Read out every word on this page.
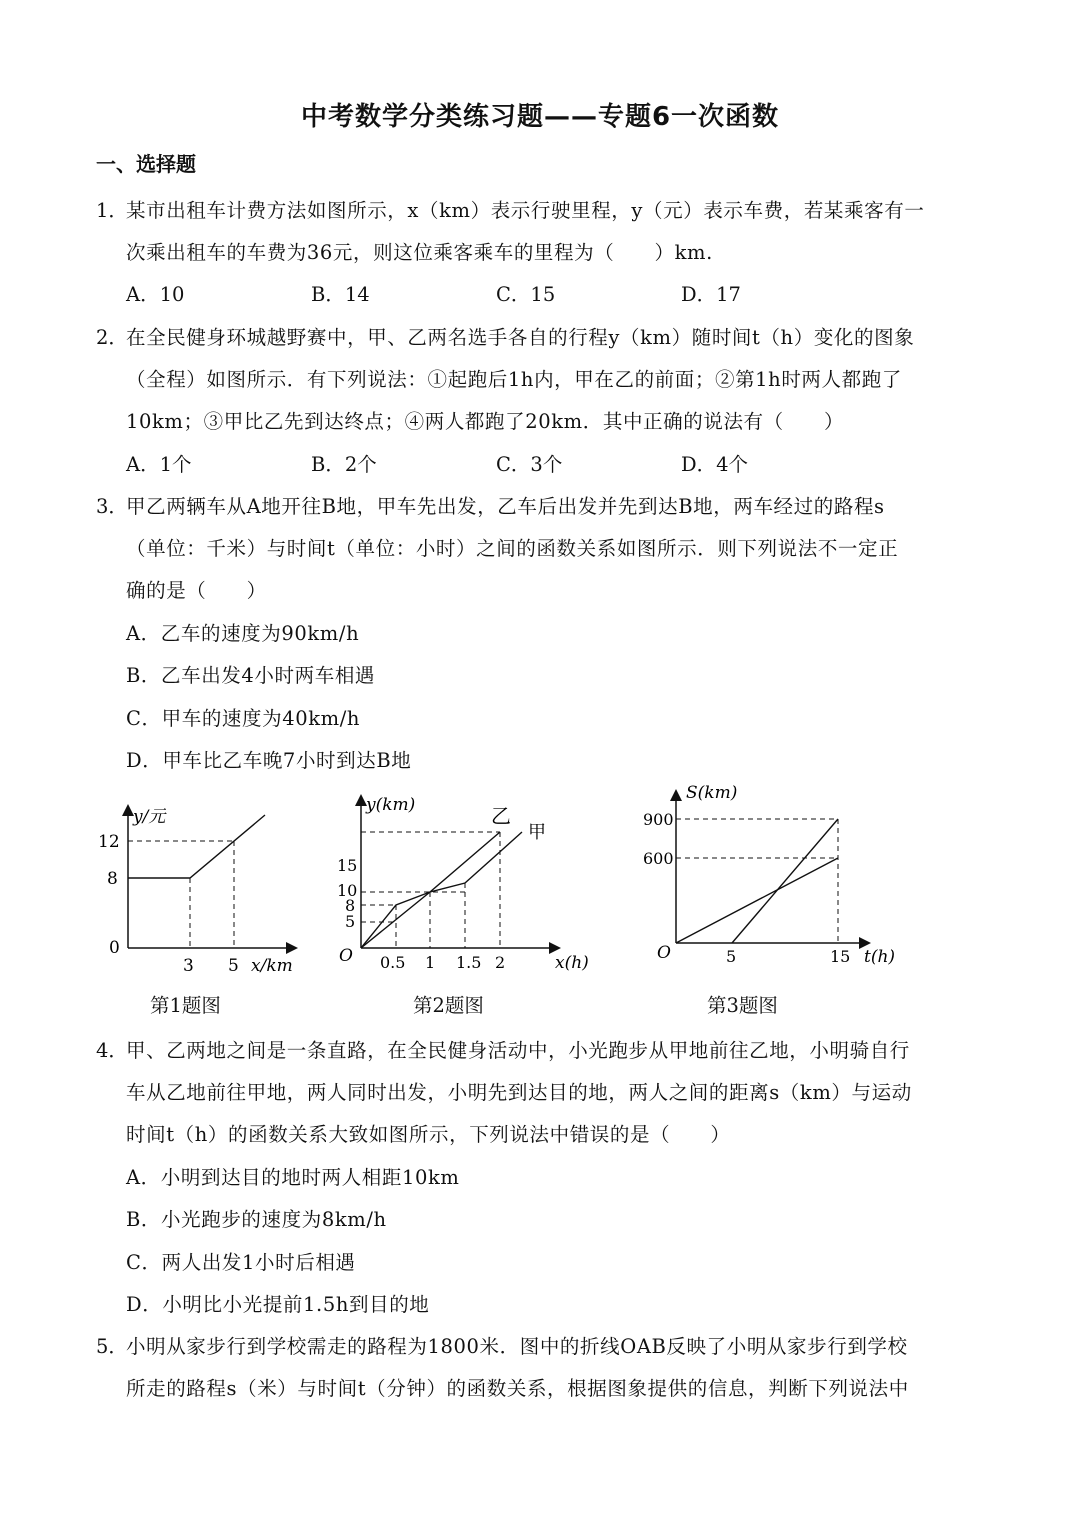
中考数学分类练习题——专题6一次函数
一、选择题
1．
某市出租车计费方法如图所示，x（km）表示行驶里程，y（元）表示车费，若某乘客有一
次乘出租车的车费为36元，则这位乘客乘车的里程为（　　）km.
A．10	B．14	C．15	D．17
2．
在全民健身环城越野赛中，甲、乙两名选手各自的行程y（km）随时间t（h）变化的图象
（全程）如图所示．有下列说法：①起跑后1h内，甲在乙的前面；②第1h时两人都跑了
10km；③甲比乙先到达终点；④两人都跑了20km．其中正确的说法有（　　）
A．1个	B．2个	C．3个	D．4个
3．
甲乙两辆车从A地开往B地，甲车先出发，乙车后出发并先到达B地，两车经过的路程s
（单位：千米）与时间t（单位：小时）之间的函数关系如图所示．则下列说法不一定正
确的是（　　）
A．乙车的速度为90km/h
B．乙车出发4小时两车相遇
C．甲车的速度为40km/h
D．甲车比乙车晚7小时到达B地
y/元
12
8
0
3 5 x/km
第1题图
y(km)
15
10
8
5
O 0.5 1 1.5 2	x(h)
乙
甲
第2题图
S(km)
900
600
O	5	15 t(h)
第3题图
4．
甲、乙两地之间是一条直路，在全民健身活动中，小光跑步从甲地前往乙地，小明骑自行
车从乙地前往甲地，两人同时出发，小明先到达目的地，两人之间的距离s（km）与运动
时间t（h）的函数关系大致如图所示，下列说法中错误的是（　　）
A．小明到达目的地时两人相距10km
B．小光跑步的速度为8km/h
C．两人出发1小时后相遇
D．小明比小光提前1.5h到目的地
5．
小明从家步行到学校需走的路程为1800米．图中的折线OAB反映了小明从家步行到学校
所走的路程s（米）与时间t（分钟）的函数关系，根据图象提供的信息，判断下列说法中
